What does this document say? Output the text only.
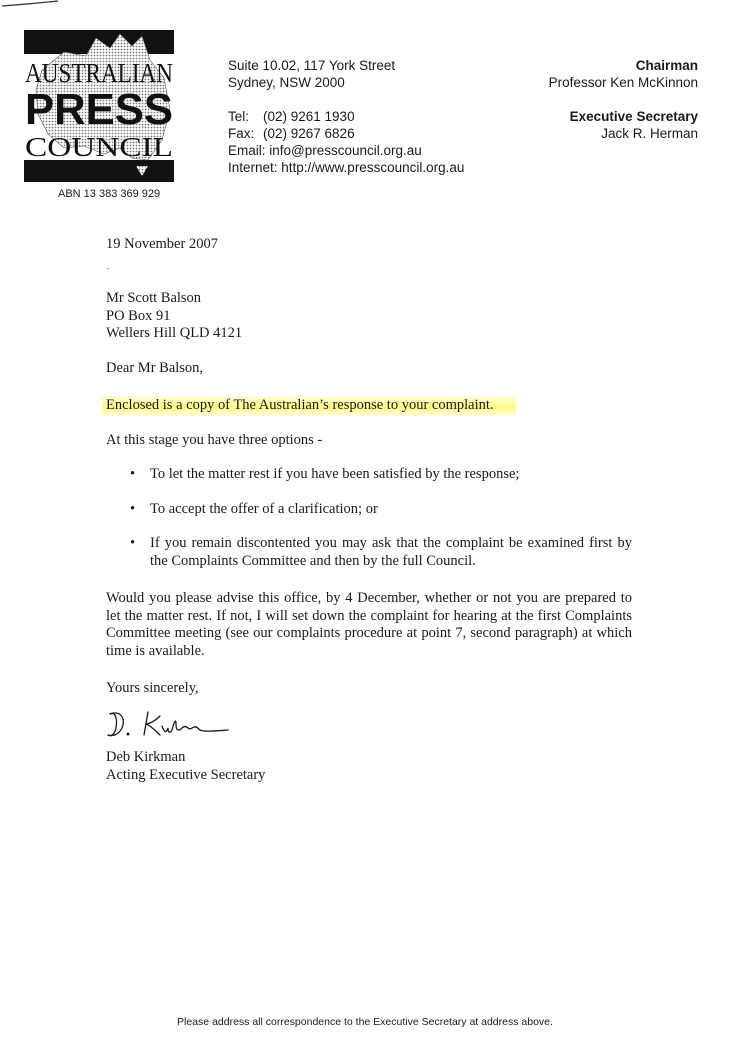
AUSTRALIAN
PRESS
COUNCIL
ABN 13 383 369 929
Suite 10.02, 117 York Street
Sydney, NSW 2000
Tel: (02) 9261 1930
Fax: (02) 9267 6826
Email: info@presscouncil.org.au
Internet: http://www.presscouncil.org.au
Chairman
Professor Ken McKinnon
Executive Secretary
Jack R. Herman
19 November 2007
-
Mr Scott Balson
PO Box 91
Wellers Hill QLD 4121
Dear Mr Balson,
Enclosed is a copy of The Australian’s response to your complaint.
At this stage you have three options -
• To let the matter rest if you have been satisfied by the response;
• To accept the offer of a clarification; or
• If you remain discontented you may ask that the complaint be examined first by the Complaints Committee and then by the full Council.
Would you please advise this office, by 4 December, whether or not you are prepared to let the matter rest. If not, I will set down the complaint for hearing at the first Complaints Committee meeting (see our complaints procedure at point 7, second paragraph) at which time is available.
Yours sincerely,
Deb Kirkman
Acting Executive Secretary
Please address all correspondence to the Executive Secretary at address above.
